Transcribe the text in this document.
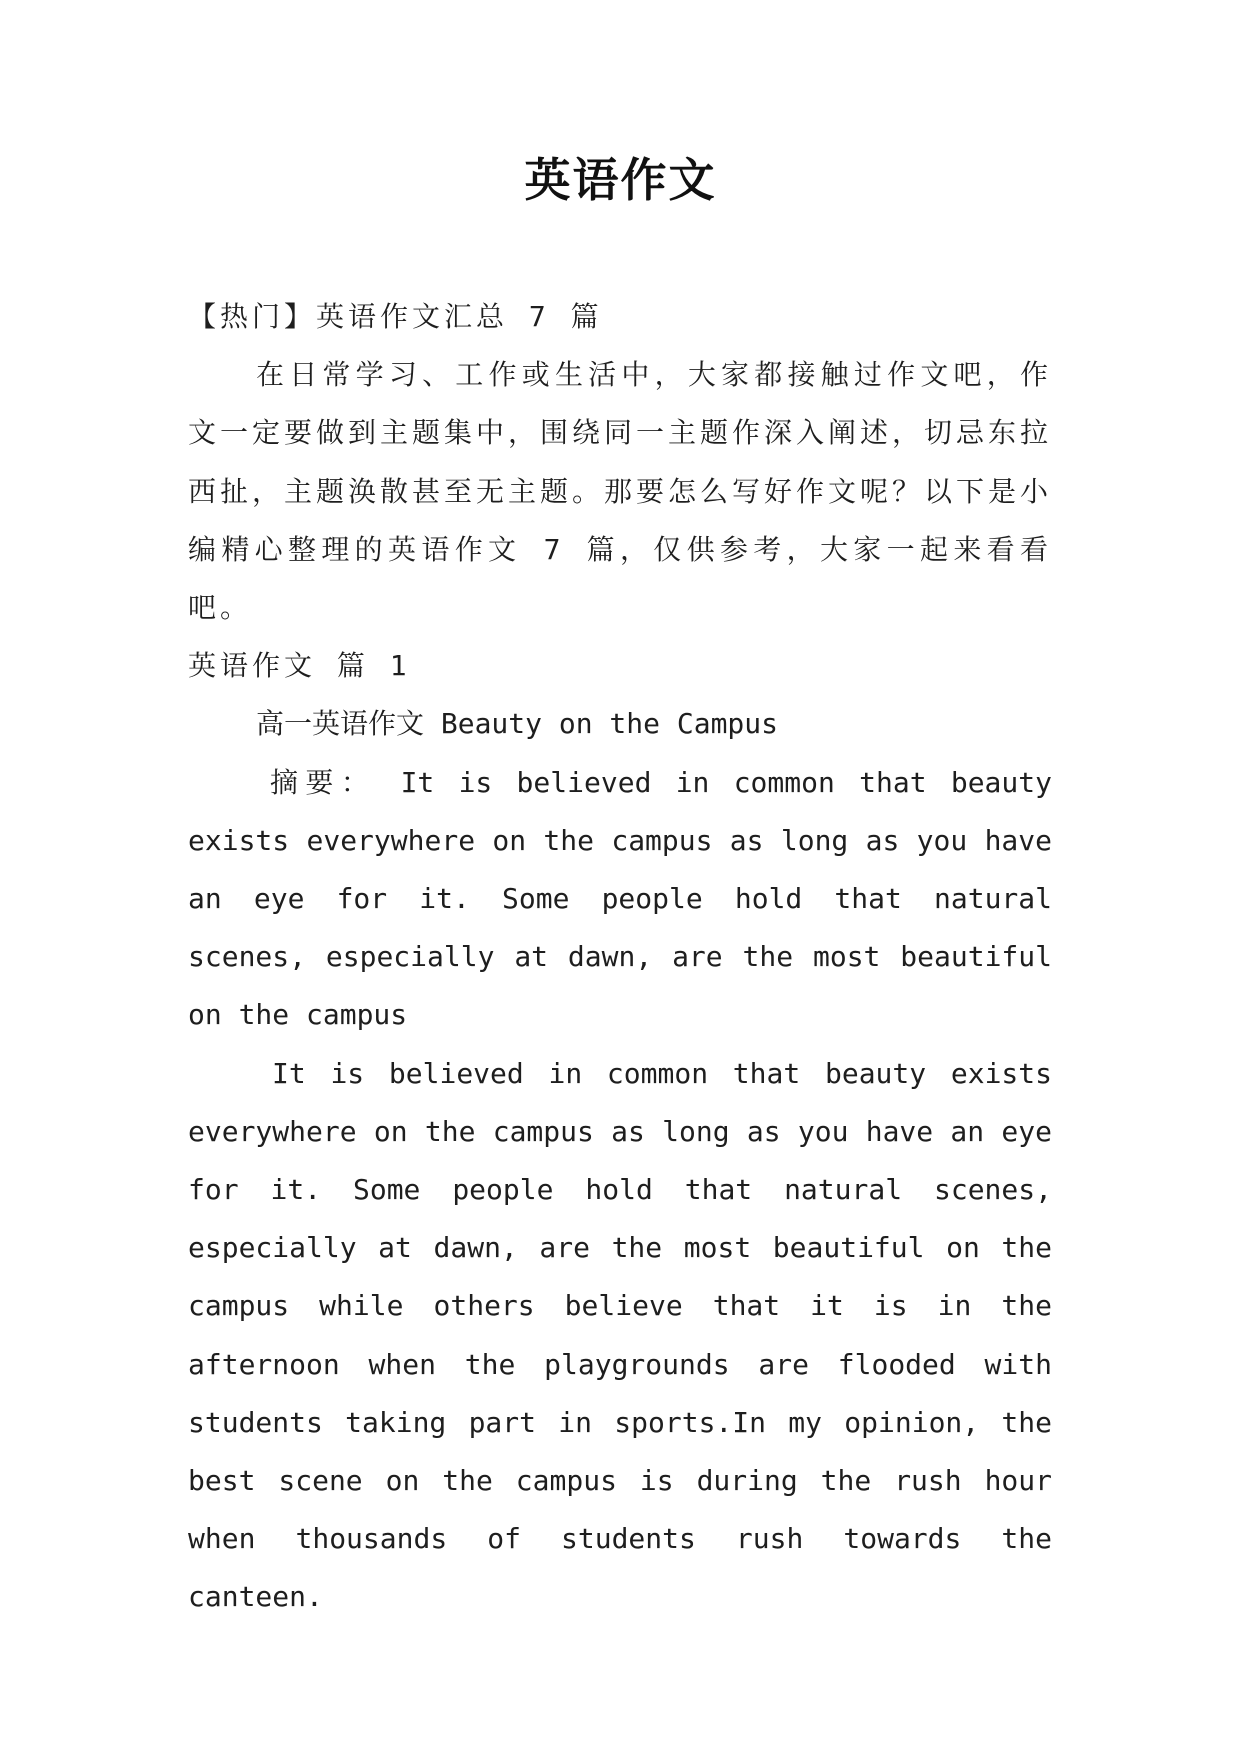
英语作文

【热门】英语作文汇总 7 篇

在日常学习、工作或生活中，大家都接触过作文吧，作文一定要做到主题集中，围绕同一主题作深入阐述，切忌东拉西扯，主题涣散甚至无主题。那要怎么写好作文呢？以下是小编精心整理的英语作文 7 篇，仅供参考，大家一起来看看吧。

英语作文 篇 1

高一英语作文 Beauty on the Campus

摘要： It is believed in common that beauty exists everywhere on the campus as long as you have an eye for it. Some people hold that natural scenes, especially at dawn, are the most beautiful on the campus

It is believed in common that beauty exists everywhere on the campus as long as you have an eye for it. Some people hold that natural scenes, especially at dawn, are the most beautiful on the campus while others believe that it is in the afternoon when the playgrounds are flooded with students taking part in sports.In my opinion, the best scene on the campus is during the rush hour when thousands of students rush towards the canteen.
